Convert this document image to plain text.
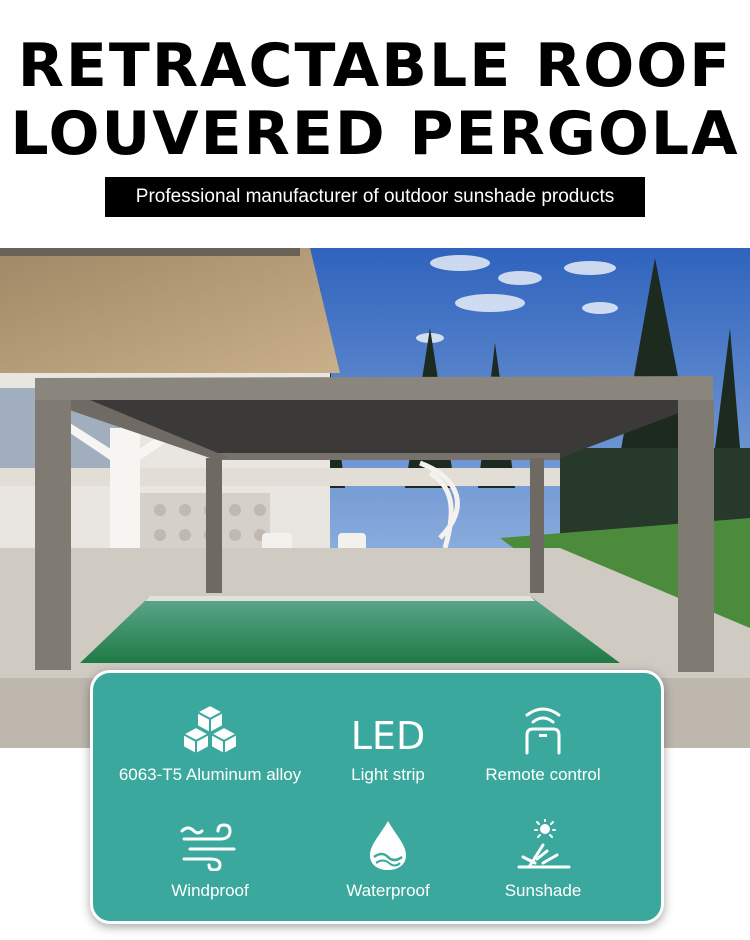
RETRACTABLE ROOF
LOUVERED PERGOLA
Professional manufacturer of outdoor sunshade products
6063-T5 Aluminum alloy
LED
Light strip	Remote control
Windproof	Waterproof	Sunshade
도매시
